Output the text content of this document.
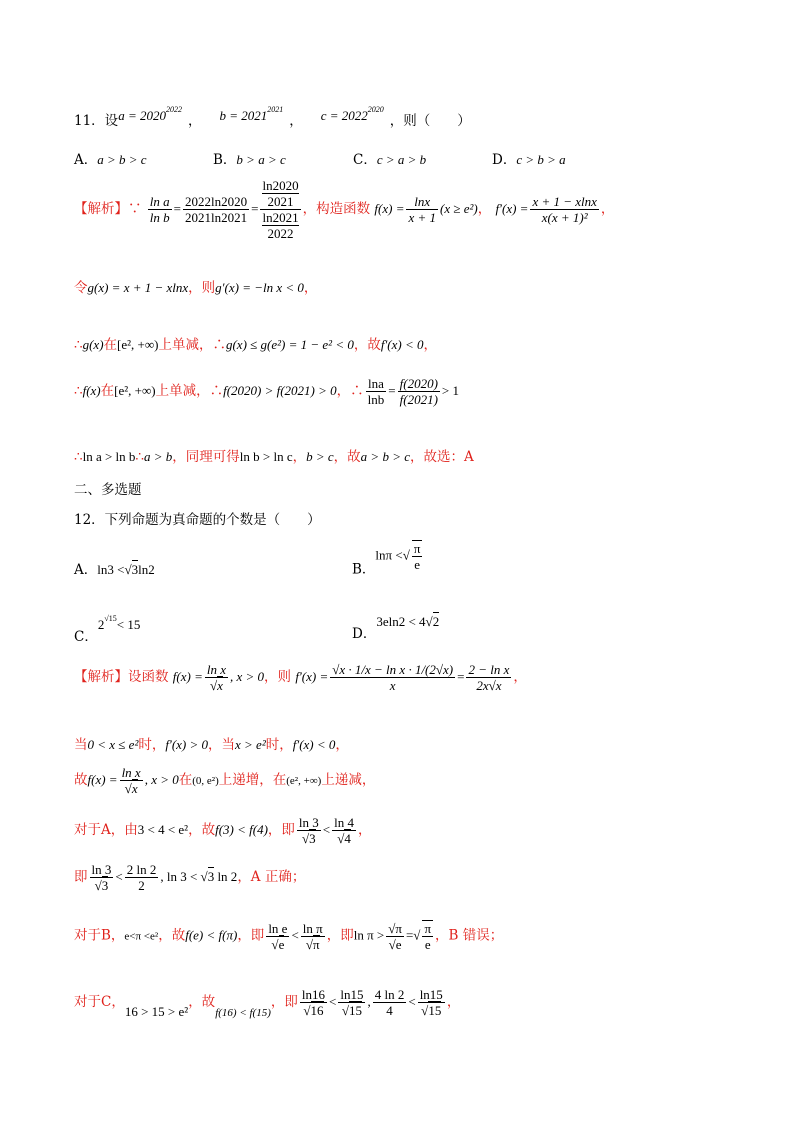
11．设$a = 2020^{2022}$， $b = 2021^{2021}$， $c = 2022^{2020}$，则（　　）
A．a > b > c	B．b > a > c	C．c > a > b	D．c > b > a
【解析】∵ $\frac{\text{ln a}}{\text{ln b}} = \frac{2022\ln 2020}{2021\ln 2021} = \ln 2020$
2021
ln2021
2022 ，构造函数 $f(x) = \frac{\ln x}{x + 1} (x \ge e^2)$， $f'(x) = \frac{x + 1 - xlnx}{\text{x(x + 1)²}}$ ，
令g(x) = x + 1 − xlnx，则g′(x) = −ln x < 0，
∴g(x)在[e², +∞)上单减，∴g(x) ≤ g(e²) = 1 − e² < 0，故f′(x) < 0，
∴f(x)在[e², +∞)上单减，∴f(2020) > f(2021) > 0，∴ $\frac{\ln a}{\ln b} = \frac{f(2020)}{f(2021)} > 1$
∴ln a > ln b∴a > b，同理可得ln b > ln c，b > c，故a > b > c，故选：A
二、多选题
12．下列命题为真命题的个数是（　　）
A．ln3 <√3ln2	B．lnπ <√ $\frac{\pi}{e}$
C．$2^{√15}< 15$
D．3eln2 < 4√2
【解析】设函数 $f(x) = \frac{\text{ln x}}{√x}$ , x > 0，则 $f'(x) = \frac{\text{√x · 1/x − ln x · 1/(2√x)}}{x} = \frac{\text{2 − ln x}}{2x√x}$ ，
当0 < x ≤ e²时，f′(x) > 0，当x > e²时，f′(x) < 0，
故$f(x) = \frac{\text{ln x}}{√x}$ , x > 0在(0, e²)上递增，在(e², +∞)上递减，
对于A，由3 < 4 < e²，故f(3) < f(4)，即 $\frac{\ln 3}{√3} < \frac{\ln 4}{√4}$ ，
即 $\frac{\ln 3}{√3} < \frac{2 \ln 2}{2}$ , ln 3 < √3 ln 2，A 正确；
对于B，e<π <e²，故f(e) < f(π)，即 $\frac{\text{ln e}}{√e} < \frac{\text{ln π}}{√\pi}$ ，即$\ln \pi > \frac{√\pi}{√e}$ =√ $\frac{\pi}{e}$ ，B 错误；
对于C，16 > 15 > e²，故$_{f(16) < f(15)}$，即 $\frac{\ln 16}{√16} < \frac{\ln 15}{√15}$ , $\frac{4 \ln 2}{4} < \frac{\ln 15}{√15}$ ，
